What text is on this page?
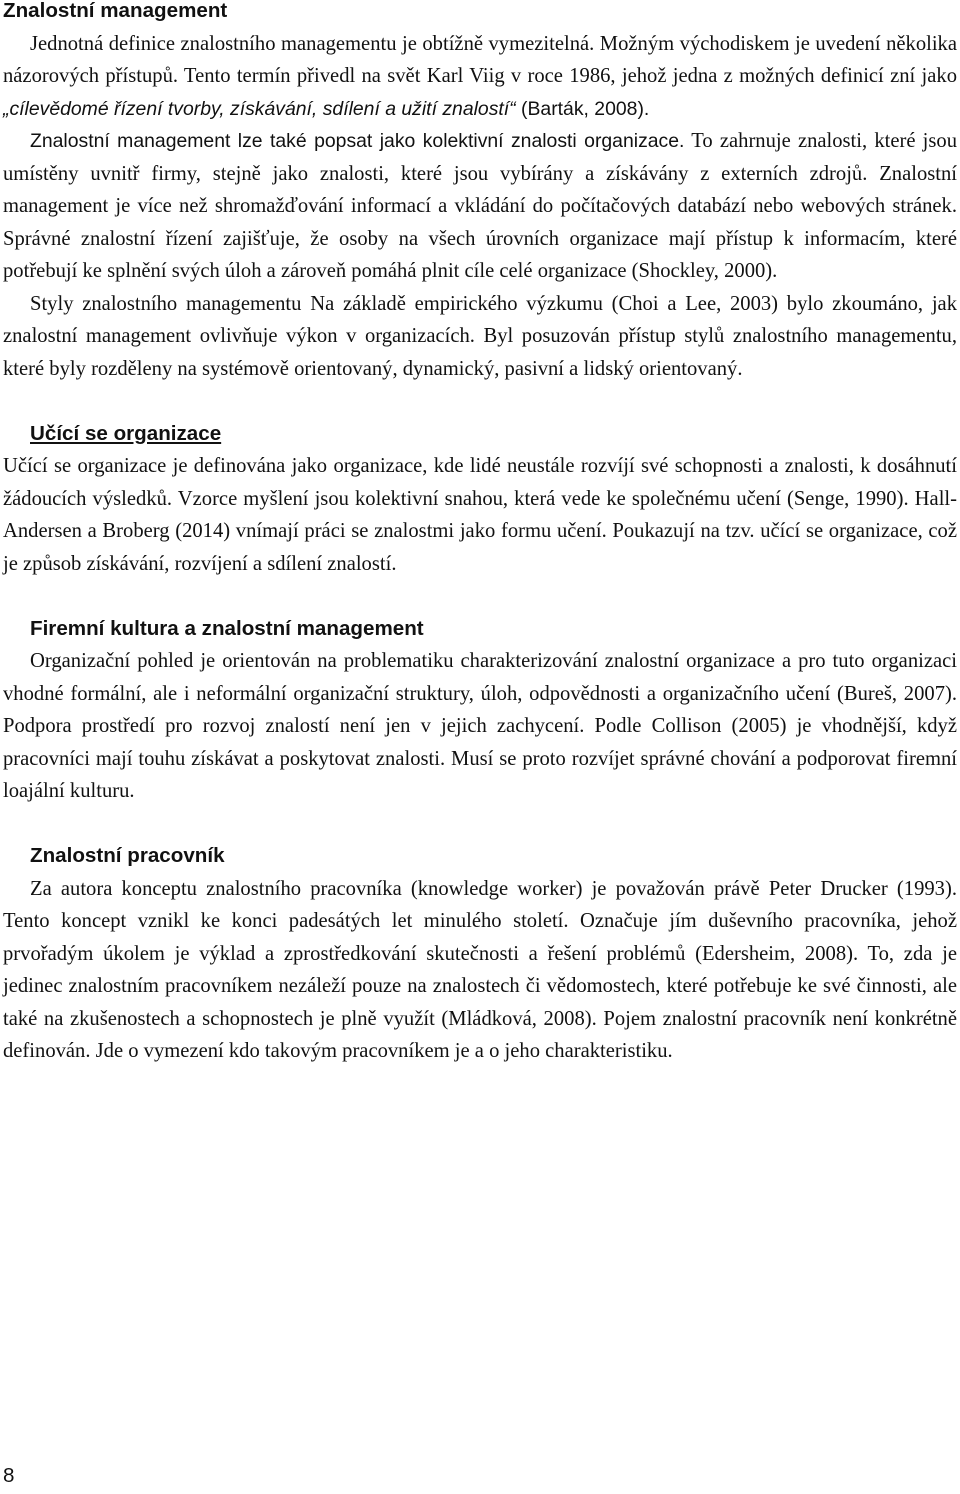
Znalostní management

Jednotná definice znalostního managementu je obtížně vymezitelná. Možným východiskem je uvedení několika názorových přístupů. Tento termín přivedl na svět Karl Viig v roce 1986, jehož jedna z možných definicí zní jako „cílevědomé řízení tvorby, získávání, sdílení a užití znalostí“ (Barták, 2008).

Znalostní management lze také popsat jako kolektivní znalosti organizace. To zahrnuje znalosti, které jsou umístěny uvnitř firmy, stejně jako znalosti, které jsou vybírány a získávány z externích zdrojů. Znalostní management je více než shromažďování informací a vkládání do počítačových databází nebo webových stránek. Správné znalostní řízení zajišťuje, že osoby na všech úrovních organizace mají přístup k informacím, které potřebují ke splnění svých úloh a zároveň pomáhá plnit cíle celé organizace (Shockley, 2000).

Styly znalostního managementu Na základě empirického výzkumu (Choi a Lee, 2003) bylo zkoumáno, jak znalostní management ovlivňuje výkon v organizacích. Byl posuzován přístup stylů znalostního managementu, které byly rozděleny na systémově orientovaný, dynamický, pasivní a lidský orientovaný.

Učící se organizace

Učící se organizace je definována jako organizace, kde lidé neustále rozvíjí své schopnosti a znalosti, k dosáhnutí žádoucích výsledků. Vzorce myšlení jsou kolektivní snahou, která vede ke společnému učení (Senge, 1990). Hall-Andersen a Broberg (2014) vnímají práci se znalostmi jako formu učení. Poukazují na tzv. učící se organizace, což je způsob získávání, rozvíjení a sdílení znalostí.

Firemní kultura a znalostní management

Organizační pohled je orientován na problematiku charakterizování znalostní organizace a pro tuto organizaci vhodné formální, ale i neformální organizační struktury, úloh, odpovědnosti a organizačního učení (Bureš, 2007). Podpora prostředí pro rozvoj znalostí není jen v jejich zachycení. Podle Collison (2005) je vhodnější, když pracovníci mají touhu získávat a poskytovat znalosti. Musí se proto rozvíjet správné chování a podporovat firemní loajální kulturu.

Znalostní pracovník

Za autora konceptu znalostního pracovníka (knowledge worker) je považován právě Peter Drucker (1993). Tento koncept vznikl ke konci padesátých let minulého století. Označuje jím duševního pracovníka, jehož prvořadým úkolem je výklad a zprostředkování skutečnosti a řešení problémů (Edersheim, 2008). To, zda je jedinec znalostním pracovníkem nezáleží pouze na znalostech či vědomostech, které potřebuje ke své činnosti, ale také na zkušenostech a schopnostech je plně využít (Mládková, 2008). Pojem znalostní pracovník není konkrétně definován. Jde o vymezení kdo takovým pracovníkem je a o jeho charakteristiku.

8
